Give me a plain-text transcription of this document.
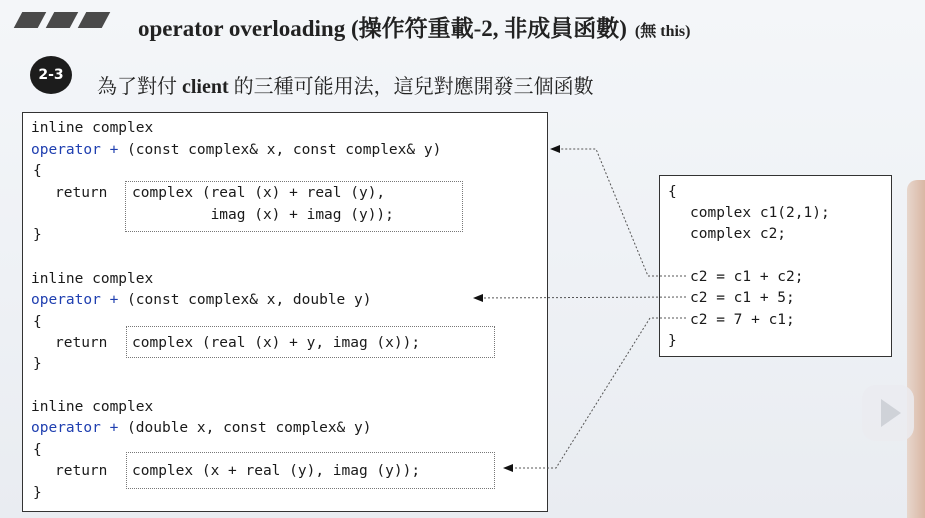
operator overloading (操作符重載-2, 非成員函數) (無 this)
2-3
為了對付 client 的三種可能用法，這兒對應開發三個函數
inline complex
operator + (const complex& x, const complex& y)
{
return complex (real (x) + real (y),
imag (x) + imag (y));
}
inline complex
operator + (const complex& x, double y)
{
return complex (real (x) + y, imag (x));
}
inline complex
operator + (double x, const complex& y)
{
return complex (x + real (y), imag (y));
}
{
complex c1(2,1);
complex c2;
c2 = c1 + c2;
c2 = c1 + 5;
c2 = 7 + c1;
}
